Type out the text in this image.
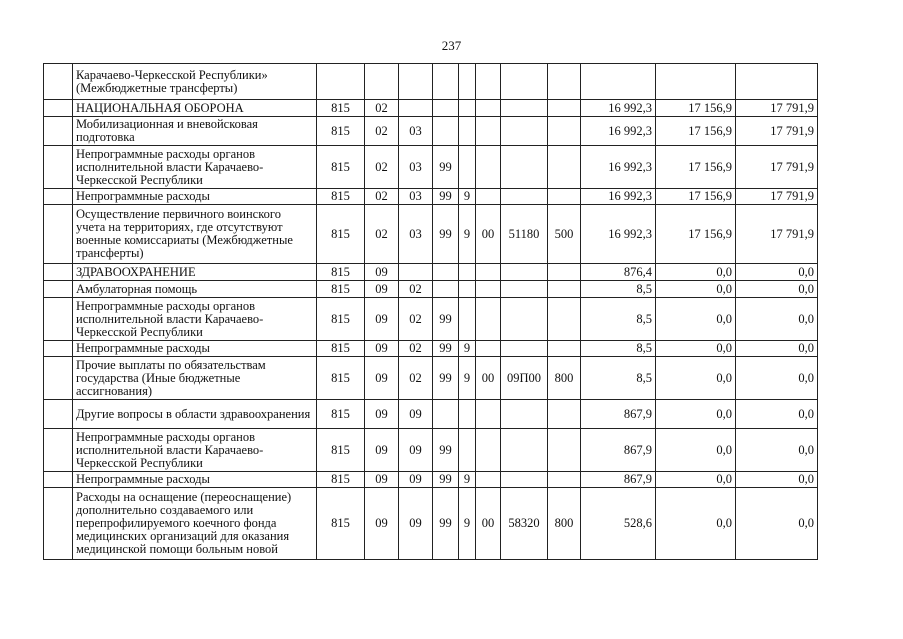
237
	Карачаево-Черкесской Республики» (Межбюджетные трансферты)											
	НАЦИОНАЛЬНАЯ ОБОРОНА	815	02							16 992,3	17 156,9	17 791,9
	Мобилизационная и вневойсковая подготовка	815	02	03						16 992,3	17 156,9	17 791,9
	Непрограммные расходы органов исполнительной власти Карачаево-Черкесской Республики	815	02	03	99					16 992,3	17 156,9	17 791,9
	Непрограммные расходы	815	02	03	99	9				16 992,3	17 156,9	17 791,9
	Осуществление первичного воинского учета на территориях, где отсутствуют военные комиссариаты (Межбюджетные трансферты)	815	02	03	99	9	00	51180	500	16 992,3	17 156,9	17 791,9
	ЗДРАВООХРАНЕНИЕ	815	09							876,4	0,0	0,0
	Амбулаторная помощь	815	09	02						8,5	0,0	0,0
	Непрограммные расходы органов исполнительной власти Карачаево-Черкесской Республики	815	09	02	99					8,5	0,0	0,0
	Непрограммные расходы	815	09	02	99	9				8,5	0,0	0,0
	Прочие выплаты по обязательствам государства (Иные бюджетные ассигнования)	815	09	02	99	9	00	09П00	800	8,5	0,0	0,0
	Другие вопросы в области здравоохранения	815	09	09						867,9	0,0	0,0
	Непрограммные расходы органов исполнительной власти Карачаево-Черкесской Республики	815	09	09	99					867,9	0,0	0,0
	Непрограммные расходы	815	09	09	99	9				867,9	0,0	0,0
	Расходы на оснащение (переоснащение) дополнительно создаваемого или перепрофилируемого коечного фонда медицинских организаций для оказания медицинской помощи больным новой	815	09	09	99	9	00	58320	800	528,6	0,0	0,0
